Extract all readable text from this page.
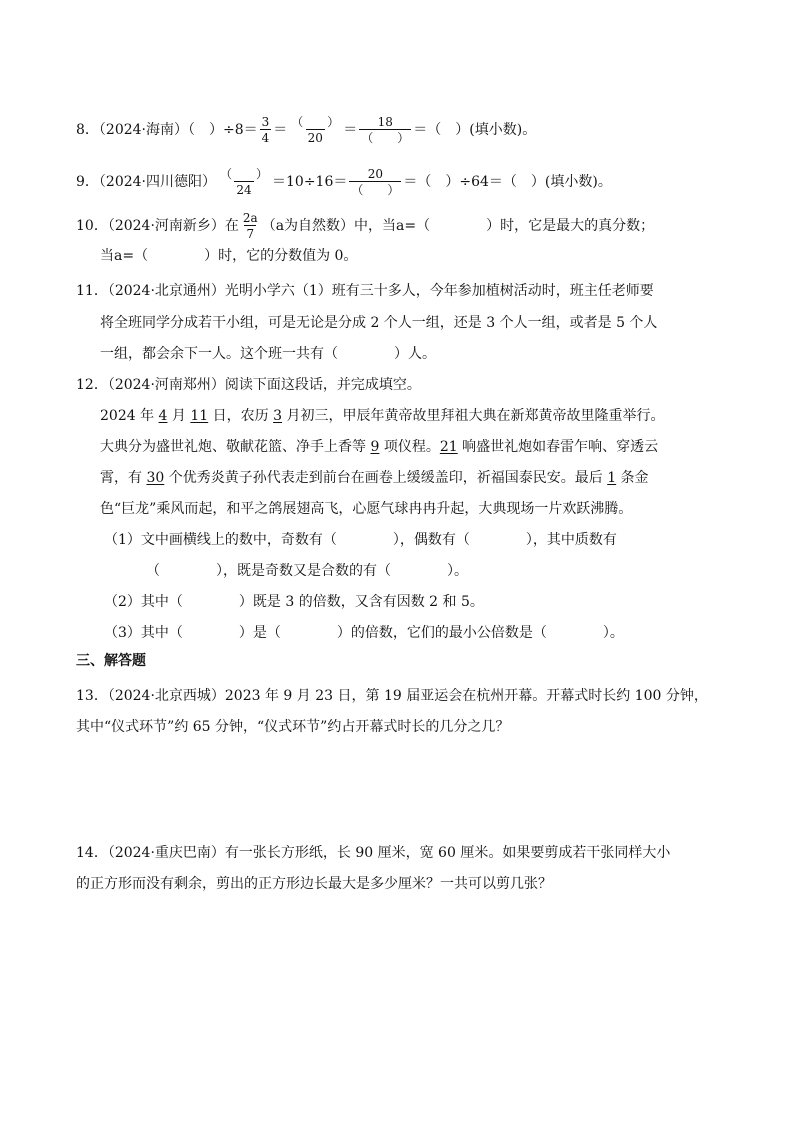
8．（2024·海南）（　）$\div 8= \frac{3}{4} = \frac{( )}{20} = \frac{18}{( )}$ ＝（　）(填小数)。
9．（2024·四川德阳） $\frac{( )}{24} =10\div 16= \frac{20}{( )}$ ＝（　）÷64＝（　）(填小数)。
10．（2024·河南新乡）在 $\frac{2a}{7} (a$为自然数）中，当a=（　　　　）时，它是最大的真分数；
当a=（　　　　）时，它的分数值为 0。
11．（2024·北京通州）光明小学六（1）班有三十多人，今年参加植树活动时，班主任老师要
将全班同学分成若干小组，可是无论是分成 2 个人一组，还是 3 个人一组，或者是 5 个人
一组，都会余下一人。这个班一共有（　　　　）人。
12．（2024·河南郑州）阅读下面这段话，并完成填空。
2024 年 4 月 11 日，农历 3 月初三，甲辰年黄帝故里拜祖大典在新郑黄帝故里隆重举行。
大典分为盛世礼炮、敬献花篮、净手上香等 9 项仪程。21 响盛世礼炮如春雷乍响、穿透云
霄，有 30 个优秀炎黄子孙代表走到前台在画卷上缓缓盖印，祈福国泰民安。最后 1 条金
色“巨龙”乘风而起，和平之鸽展翅高飞，心愿气球冉冉升起，大典现场一片欢跃沸腾。
（1）文中画横线上的数中，奇数有（　　　　），偶数有（　　　　），其中质数有
（　　　　），既是奇数又是合数的有（　　　　）。
（2）其中（　　　　）既是 3 的倍数，又含有因数 2 和 5。
（3）其中（　　　　）是（　　　　）的倍数，它们的最小公倍数是（　　　　）。
三、解答题
13．（2024·北京西城）2023 年 9 月 23 日，第 19 届亚运会在杭州开幕。开幕式时长约 100 分钟，
其中“仪式环节”约 65 分钟，“仪式环节”约占开幕式时长的几分之几？
14．（2024·重庆巴南）有一张长方形纸，长 90 厘米，宽 60 厘米。如果要剪成若干张同样大小
的正方形而没有剩余，剪出的正方形边长最大是多少厘米？一共可以剪几张？
